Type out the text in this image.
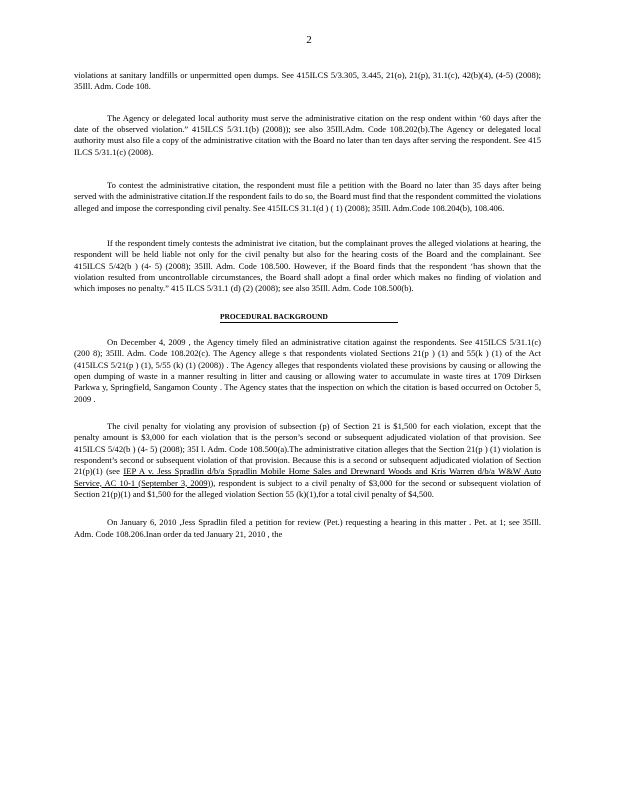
2

violations at sanitary landfills or unpermitted open dumps. See 415ILCS 5/3.305, 3.445, 21(o), 21(p), 31.1(c), 42(b)(4), (4-5) (2008); 35Ill. Adm. Code 108.

The Agency or delegated local authority must serve the administrative citation on the resp ondent within ‘60 days after the date of the observed violation.” 415ILCS 5/31.1(b) (2008)); see also 35Ill.Adm. Code 108.202(b).The Agency or delegated local authority must also file a copy of the administrative citation with the Board no later than ten days after serving the respondent. See 415 ILCS 5/31.1(c) (2008).

To contest the administrative citation, the respondent must file a petition with the Board no later than 35 days after being served with the administrative citation.If the respondent fails to do so, the Board must find that the respondent committed the violations alleged and impose the corresponding civil penalty. See 415ILCS 31.1(d ) ( 1) (2008); 35Ill. Adm.Code 108.204(b), 108.406.

If the respondent timely contests the administrat ive citation, but the complainant proves the alleged violations at hearing, the respondent will be held liable not only for the civil penalty but also for the hearing costs of the Board and the complainant. See 415ILCS 5/42(b ) (4- 5) (2008); 35Ill. Adm. Code 108.500. However, if the Board finds that the respondent ‘has shown that the violation resulted from uncontrollable circumstances, the Board shall adopt a final order which makes no finding of violation and which imposes no penalty.” 415 ILCS 5/31.1 (d) (2) (2008); see also 35Ill. Adm. Code 108.500(b).

PROCEDURAL BACKGROUND

On December 4, 2009 , the Agency timely filed an administrative citation against the respondents. See 415ILCS 5/31.1(c) (200 8); 35Ill. Adm. Code 108.202(c). The Agency allege s that respondents violated Sections 21(p ) (1) and 55(k ) (1) of the Act (415ILCS 5/21(p ) (1), 5/55 (k) (1) (2008)) . The Agency alleges that respondents violated these provisions by causing or allowing the open dumping of waste in a manner resulting in litter and causing or allowing water to accumulate in waste tires at 1709 Dirksen Parkwa y, Springfield, Sangamon County . The Agency states that the inspection on which the citation is based occurred on October 5, 2009 .

The civil penalty for violating any provision of subsection (p) of Section 21 is $1,500 for each violation, except that the penalty amount is $3,000 for each violation that is the person’s second or subsequent adjudicated violation of that provision. See 415ILCS 5/42(b ) (4- 5) (2008); 35I l. Adm. Code 108.500(a).The administrative citation alleges that the Section 21(p ) (1) violation is respondent’s second or subsequent violation of that provision. Because this is a second or subsequent adjudicated violation of Section 21(p)(1) (see IEP A v. Jess Spradlin d/b/a Spradlin Mobile Home Sales and Drewnard Woods and Kris Warren d/b/a W&W Auto Service, AC 10-1 (September 3, 2009)), respondent is subject to a civil penalty of $3,000 for the second or subsequent violation of Section 21(p)(1) and $1,500 for the alleged violation Section 55 (k)(1),for a total civil penalty of $4,500.

On January 6, 2010 ,Jess Spradlin filed a petition for review (Pet.) requesting a hearing in this matter . Pet. at 1; see 35Ill. Adm. Code 108.206.Inan order da ted January 21, 2010 , the
